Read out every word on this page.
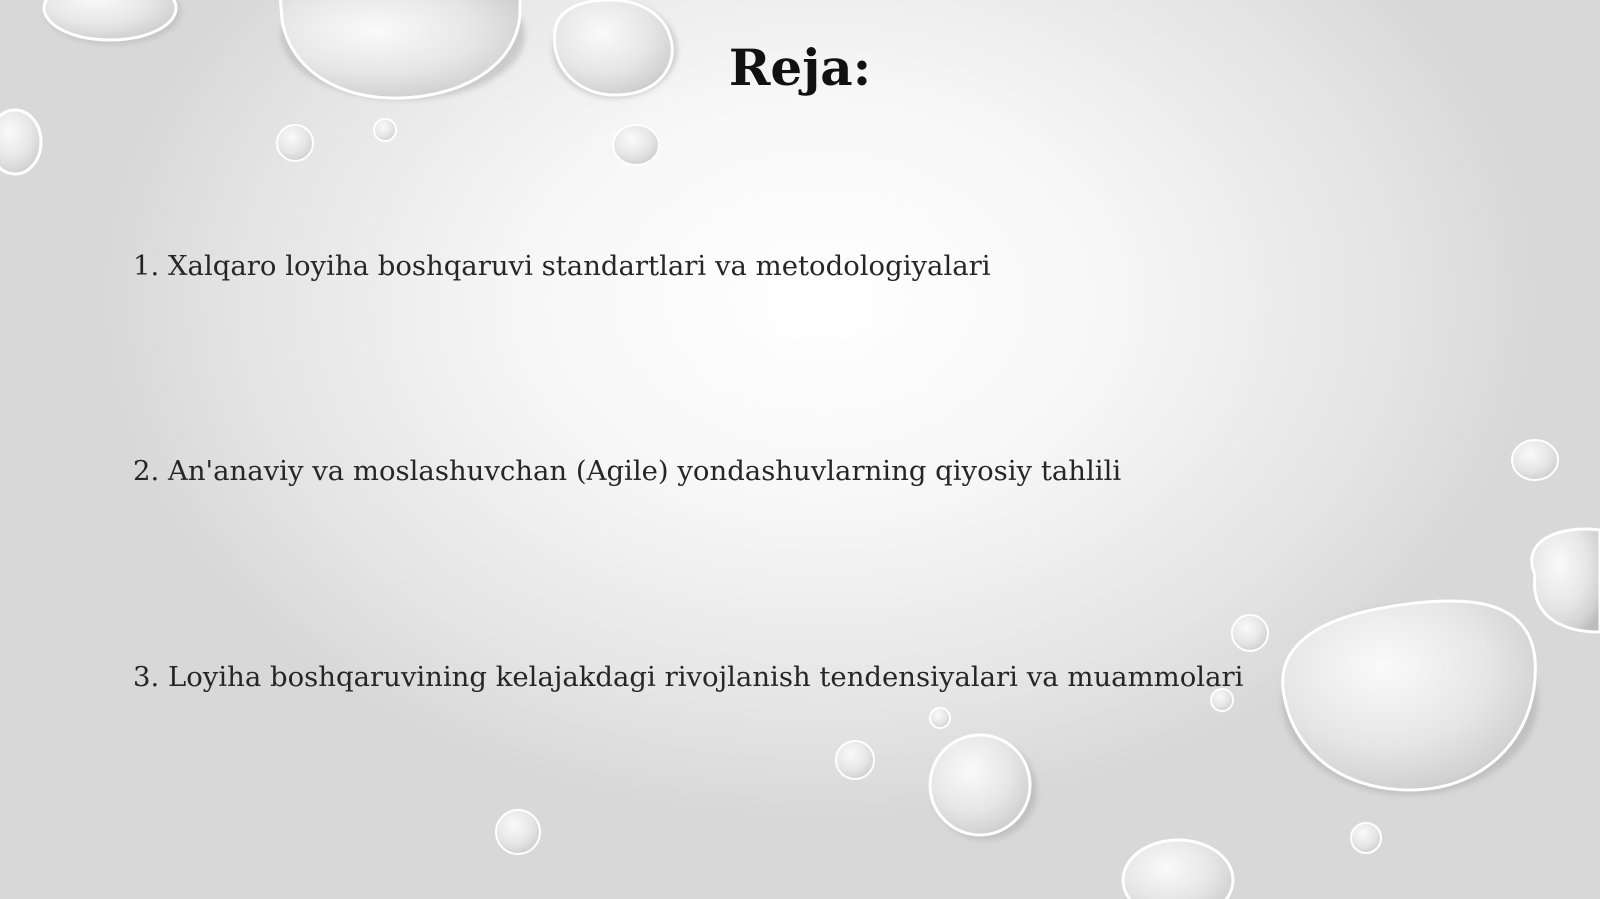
Reja:

1. Xalqaro loyiha boshqaruvi standartlari va metodologiyalari

2. An'anaviy va moslashuvchan (Agile) yondashuvlarning qiyosiy tahlili

3. Loyiha boshqaruvining kelajakdagi rivojlanish tendensiyalari va muammolari
